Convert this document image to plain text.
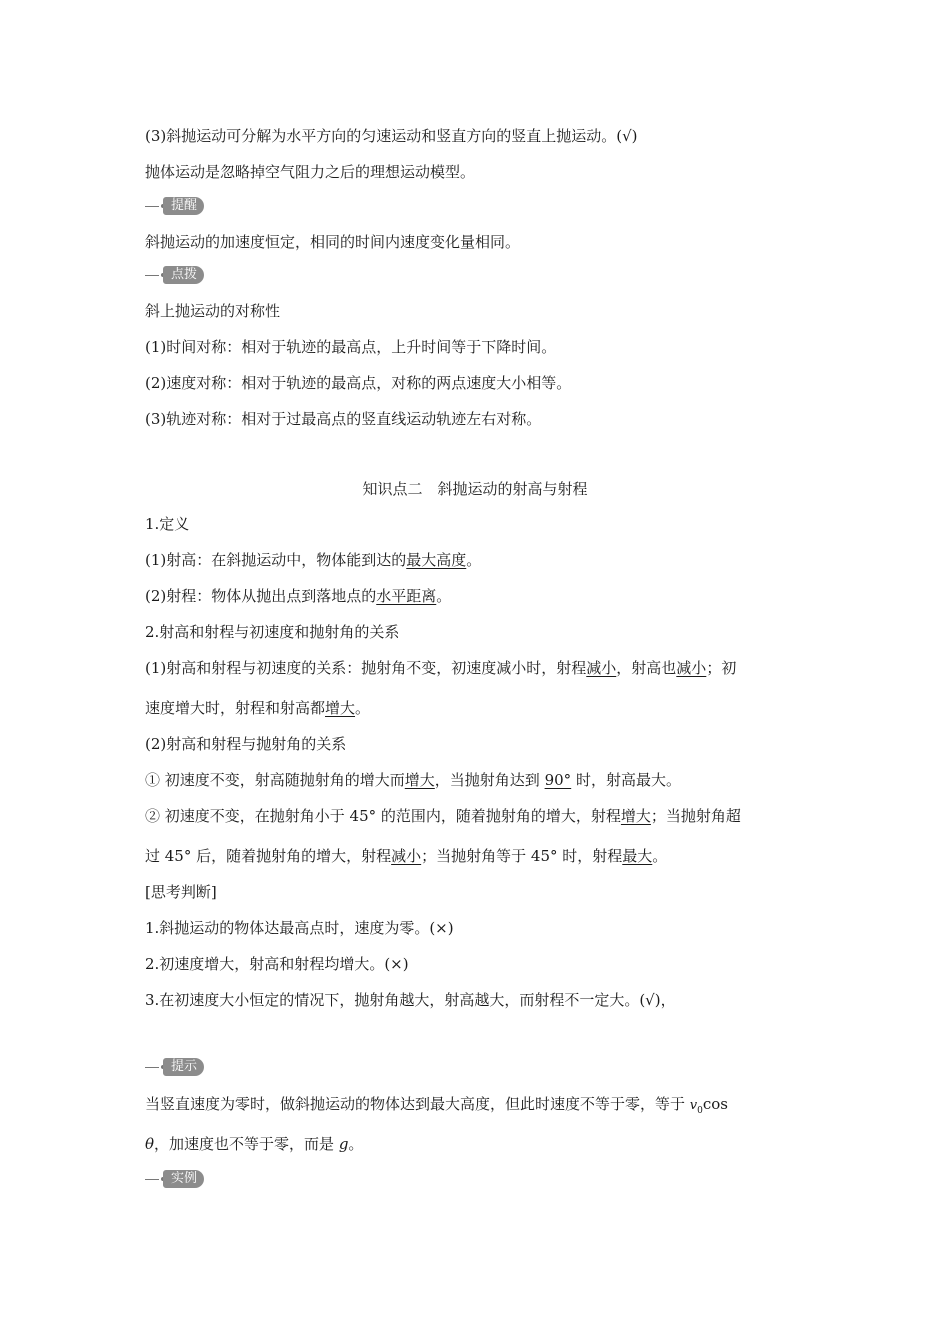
(3)斜抛运动可分解为水平方向的匀速运动和竖直方向的竖直上抛运动。(√)
抛体运动是忽略掉空气阻力之后的理想运动模型。
提醒
斜抛运动的加速度恒定，相同的时间内速度变化量相同。
点拨
斜上抛运动的对称性
(1)时间对称：相对于轨迹的最高点，上升时间等于下降时间。
(2)速度对称：相对于轨迹的最高点，对称的两点速度大小相等。
(3)轨迹对称：相对于过最高点的竖直线运动轨迹左右对称。
知识点二　斜抛运动的射高与射程
1.定义
(1)射高：在斜抛运动中，物体能到达的最大高度。
(2)射程：物体从抛出点到落地点的水平距离。
2.射高和射程与初速度和抛射角的关系
(1)射高和射程与初速度的关系：抛射角不变，初速度减小时，射程减小，射高也减小；初
速度增大时，射程和射高都增大。
(2)射高和射程与抛射角的关系
① 初速度不变，射高随抛射角的增大而增大，当抛射角达到 90° 时，射高最大。
② 初速度不变，在抛射角小于 45° 的范围内，随着抛射角的增大，射程增大；当抛射角超
过 45° 后，随着抛射角的增大，射程减小；当抛射角等于 45° 时，射程最大。
[思考判断]
1.斜抛运动的物体达最高点时，速度为零。(×)
2.初速度增大，射高和射程均增大。(×)
3.在初速度大小恒定的情况下，抛射角越大，射高越大，而射程不一定大。(√)，
提示
当竖直速度为零时，做斜抛运动的物体达到最大高度，但此时速度不等于零，等于 $v_0\cos$
θ，加速度也不等于零，而是 g。
实例
